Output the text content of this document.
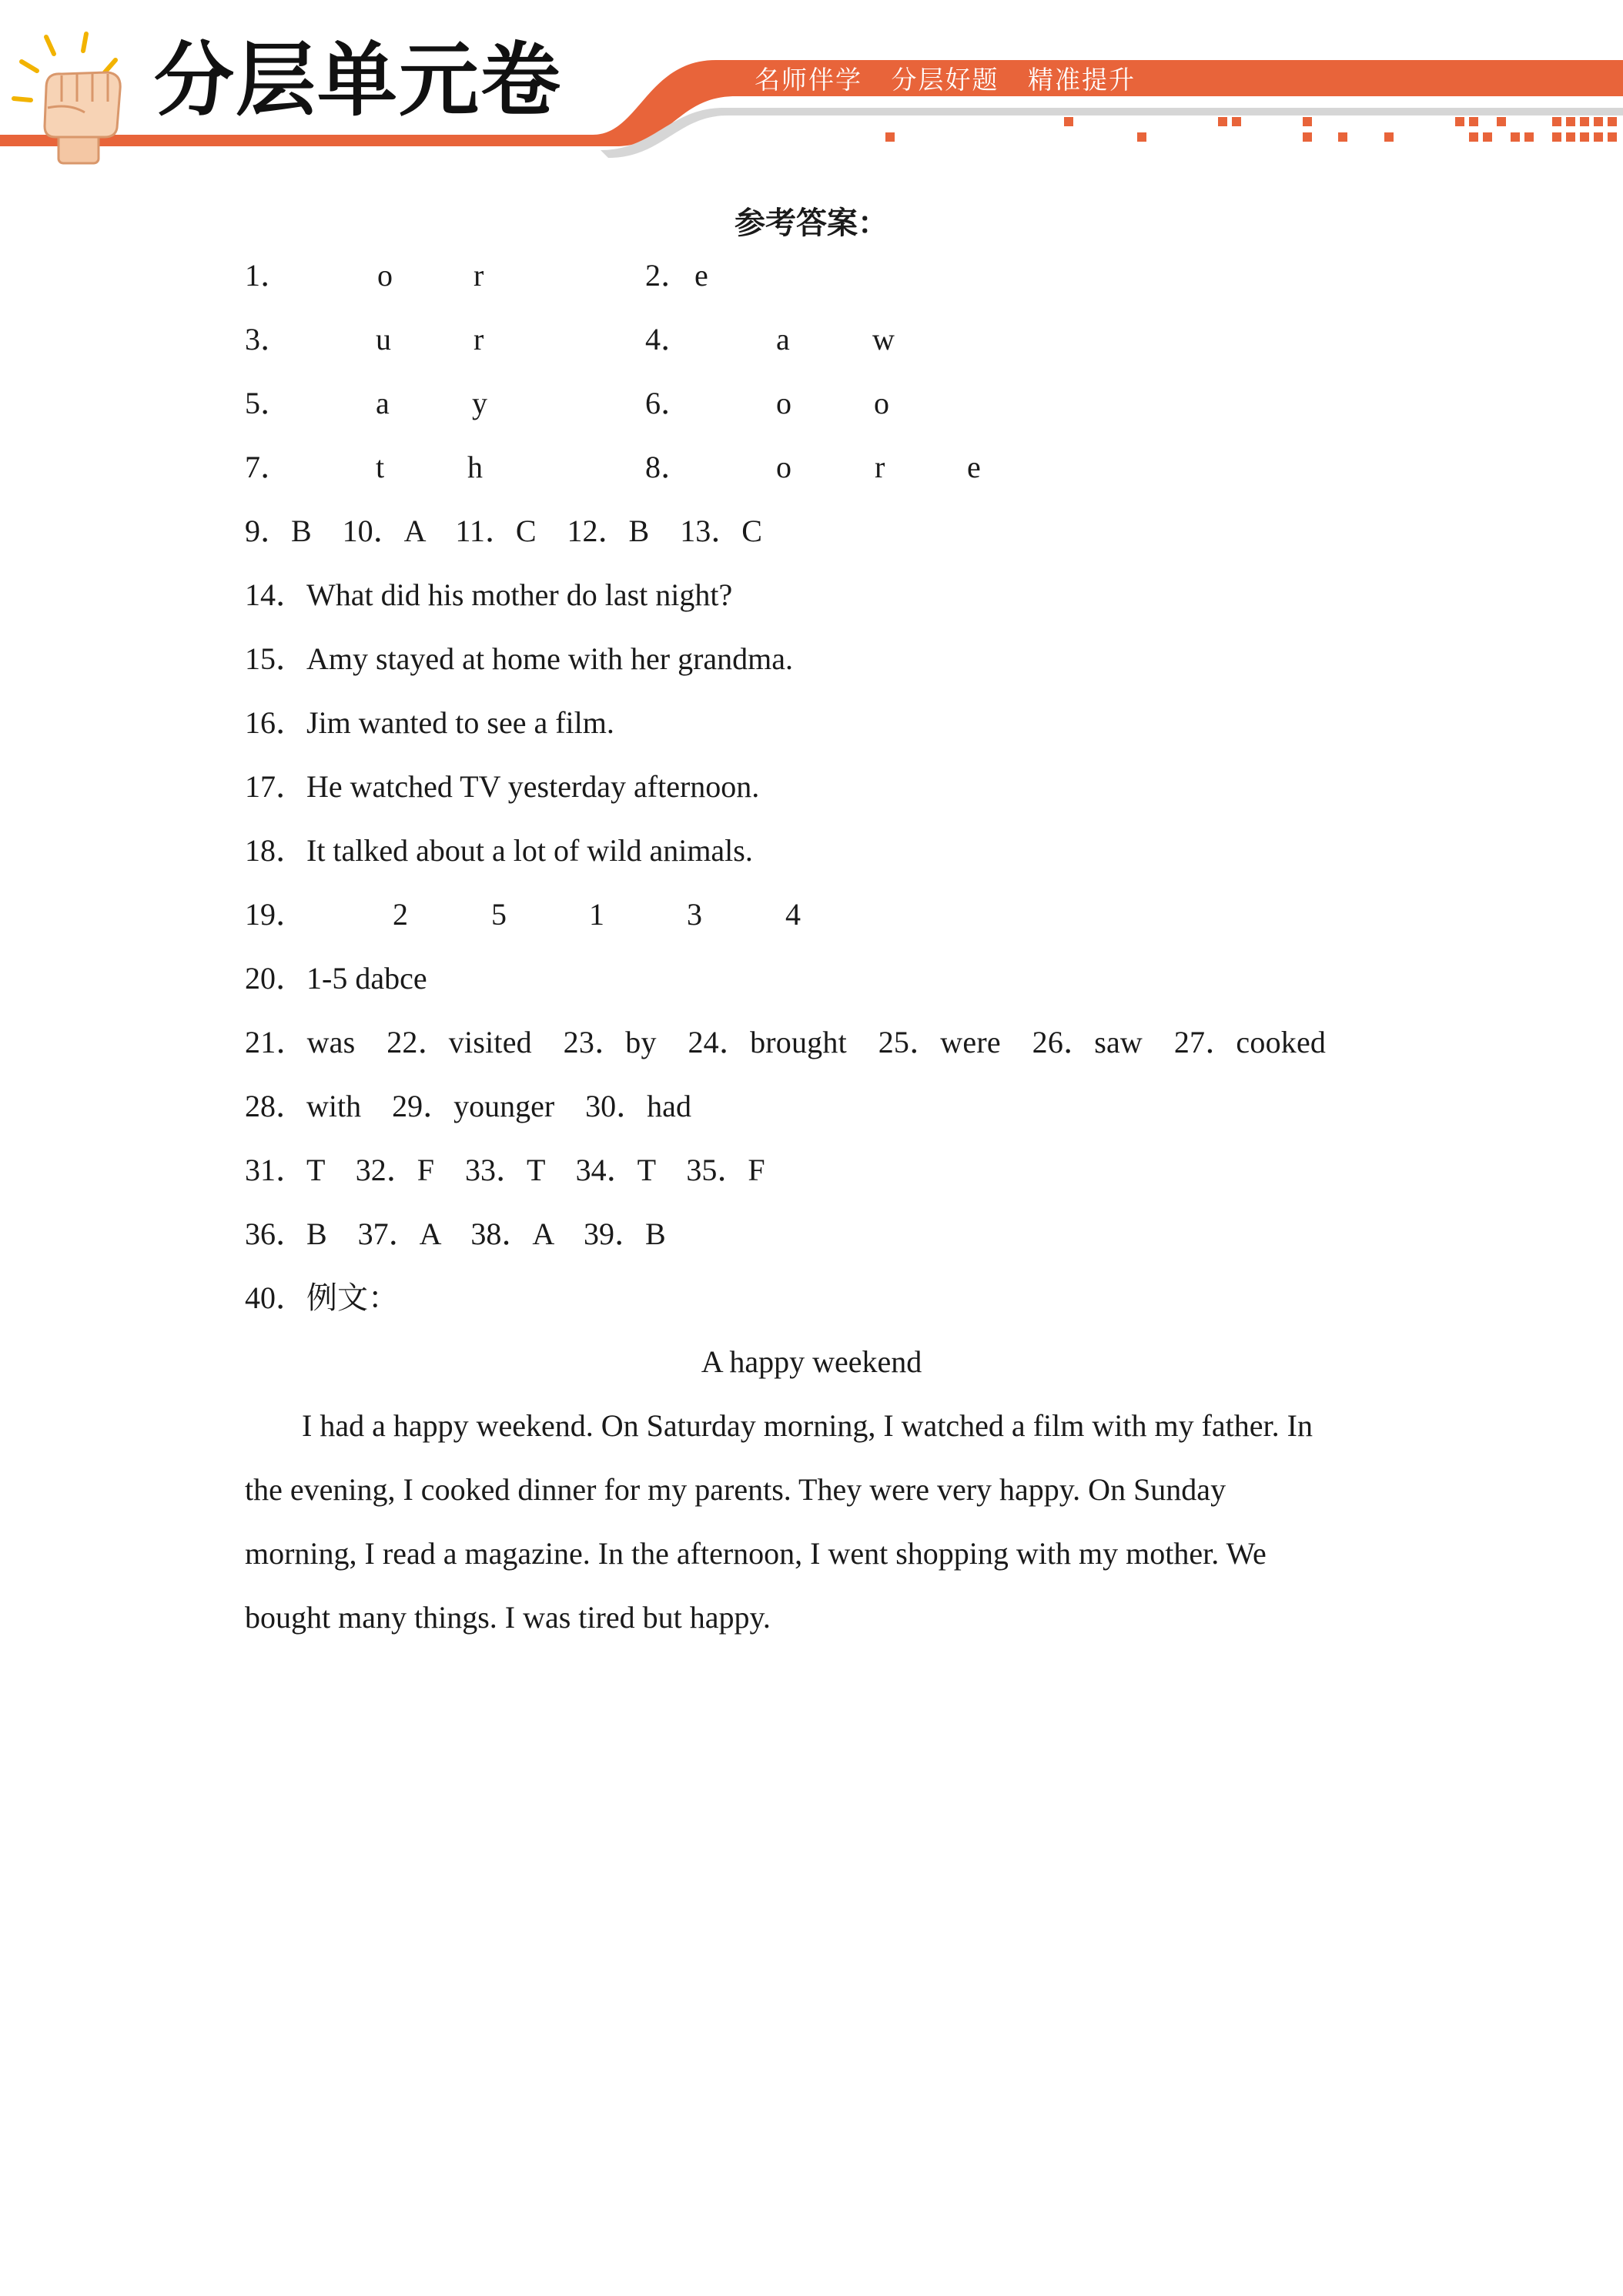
分层单元卷	名师伴学 分层好题 精准提升
参考答案：
1．	o	r	2． e
3．	u	r	4．	a	w
5．	a	y	6．	o	o
7．	t	h	8．	o	r	e
9．B    10．A    11．C    12．B    13．C
14．What did his mother do last night?
15．Amy stayed at home with her grandma.
16．Jim wanted to see a film.
17．He watched TV yesterday afternoon.
18．It talked about a lot of wild animals.
19．	2	5	1	3	4
20．1-5 dabce
21．was    22．visited    23．by    24．brought    25．were    26．saw    27．cooked
28．with    29．younger    30．had
31．T    32．F    33．T    34．T    35．F
36．B    37．A    38．A    39．B
40．例文：
A happy weekend

I had a happy weekend. On Saturday morning, I watched a film with my father. In

the evening, I cooked dinner for my parents. They were very happy. On Sunday

morning, I read a magazine. In the afternoon, I went shopping with my mother. We

bought many things. I was tired but happy.
